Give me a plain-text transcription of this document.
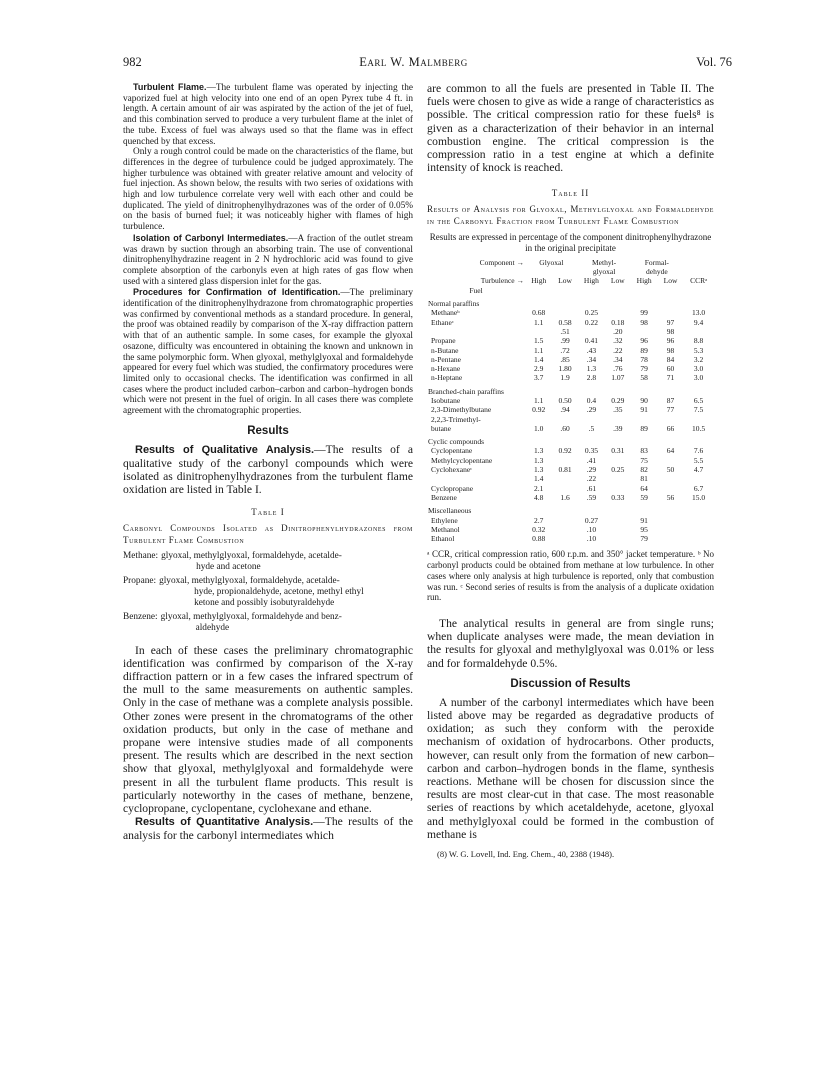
982	Earl W. Malmberg	Vol. 76

Turbulent Flame.—The turbulent flame was operated by injecting the vaporized fuel at high velocity into one end of an open Pyrex tube 4 ft. in length. A certain amount of air was aspirated by the action of the jet of fuel, and this combination served to produce a very turbulent flame at the inlet of the tube. Excess of fuel was always used so that the flame was in effect quenched by that excess.

Only a rough control could be made on the characteristics of the flame, but differences in the degree of turbulence could be judged approximately. The higher turbulence was obtained with greater relative amount and velocity of fuel injection. As shown below, the results with two series of oxidations with high and low turbulence correlate very well with each other and could be duplicated. The yield of dinitrophenylhydrazones was of the order of 0.05% on the basis of burned fuel; it was noticeably higher with flames of high turbulence.

Isolation of Carbonyl Intermediates.—A fraction of the outlet stream was drawn by suction through an absorbing train. The use of conventional dinitrophenylhydrazine reagent in 2 N hydrochloric acid was found to give complete absorption of the carbonyls even at high rates of gas flow when used with a sintered glass dispersion inlet for the gas.

Procedures for Confirmation of Identification.—The preliminary identification of the dinitrophenylhydrazone from chromatographic properties was confirmed by conventional methods as a standard procedure. In general, the proof was obtained readily by comparison of the X-ray diffraction pattern with that of an authentic sample. In some cases, for example the glyoxal osazone, difficulty was encountered in obtaining the known and unknown in the same polymorphic form. When glyoxal, methylglyoxal and formaldehyde appeared for every fuel which was studied, the confirmatory procedures were limited only to occasional checks. The identification was confirmed in all cases where the product included carbon–carbon and carbon–hydrogen bonds which were not present in the fuel of origin. In all cases there was complete agreement with the chromatographic properties.

Results

Results of Qualitative Analysis.—The results of a qualitative study of the carbonyl compounds which were isolated as dinitrophenylhydrazones from the turbulent flame oxidation are listed in Table I.

Table I
Carbonyl Compounds Isolated as Dinitrophenylhydrazones from Turbulent Flame Combustion
Methane: glyoxal, methylglyoxal, formaldehyde, acetalde-
hyde and acetone
Propane: glyoxal, methylglyoxal, formaldehyde, acetalde-
hyde, propionaldehyde, acetone, methyl ethyl
ketone and possibly isobutyraldehyde
Benzene: glyoxal, methylglyoxal, formaldehyde and benz-
aldehyde

In each of these cases the preliminary chromatographic identification was confirmed by comparison of the X-ray diffraction pattern or in a few cases the infrared spectrum of the mull to the same measurements on authentic samples. Only in the case of methane was a complete analysis possible. Other zones were present in the chromatograms of the other oxidation products, but only in the case of methane and propane were intensive studies made of all components present. The results which are described in the next section show that glyoxal, methylglyoxal and formaldehyde were present in all the turbulent flame products. This result is particularly noteworthy in the cases of methane, benzene, cyclopropane, cyclopentane, cyclohexane and ethane.

Results of Quantitative Analysis.—The results of the analysis for the carbonyl intermediates which

are common to all the fuels are presented in Table II. The fuels were chosen to give as wide a range of characteristics as possible. The critical compression ratio for these fuels⁸ is given as a characterization of their behavior in an internal combustion engine. The critical compression is the compression ratio in a test engine at which a definite intensity of knock is reached.

Table II
Results of Analysis for Glyoxal, Methylglyoxal and Formaldehyde in the Carbonyl Fraction from Turbulent Flame Combustion
Results are expressed in percentage of the component dinitrophenylhydrazone in the original precipitate
Component →	Glyoxal		Methyl-		Formal-		
			glyoxal		dehyde		
Turbulence →	High	Low	High	Low	High	Low	CCRᵃ
Fuel							
Normal paraffins							
Methaneᵇ	0.68		0.25		99		13.0
Ethaneᶜ	1.1	0.58	0.22	0.18	98	97	9.4
		.51		.20		98	
Propane	1.5	.99	0.41	.32	96	96	8.8
n-Butane	1.1	.72	.43	.22	89	98	5.3
n-Pentane	1.4	.85	.34	.34	78	84	3.2
n-Hexane	2.9	1.80	1.3	.76	79	60	3.0
n-Heptane	3.7	1.9	2.8	1.07	58	71	3.0
Branched-chain paraffins							
Isobutane	1.1	0.50	0.4	0.29	90	87	6.5
2,3-Dimethylbutane	0.92	.94	.29	.35	91	77	7.5
2,2,3-Trimethyl-							
butane	1.0	.60	.5	.39	89	66	10.5
Cyclic compounds							
Cyclopentane	1.3	0.92	0.35	0.31	83	64	7.6
Methylcyclopentane	1.3		.41		75		5.5
Cyclohexaneᶜ	1.3	0.81	.29	0.25	82	50	4.7
	1.4		.22		81		
Cyclopropane	2.1		.61		64		6.7
Benzene	4.8	1.6	.59	0.33	59	56	15.0
Miscellaneous							
Ethylene	2.7		0.27		91		
Methanol	0.32		.10		95		
Ethanol	0.88		.10		79		
ᵃ CCR, critical compression ratio, 600 r.p.m. and 350° jacket temperature. ᵇ No carbonyl products could be obtained from methane at low turbulence. In other cases where only analysis at high turbulence is reported, only that combustion was run. ᶜ Second series of results is from the analysis of a duplicate oxidation run.

The analytical results in general are from single runs; when duplicate analyses were made, the mean deviation in the results for glyoxal and methylglyoxal was 0.01% or less and for formaldehyde 0.5%.

Discussion of Results

A number of the carbonyl intermediates which have been listed above may be regarded as degradative products of oxidation; as such they conform with the peroxide mechanism of oxidation of hydrocarbons. Other products, however, can result only from the formation of new carbon–carbon and carbon–hydrogen bonds in the flame, synthesis reactions. Methane will be chosen for discussion since the results are most clear-cut in that case. The most reasonable series of reactions by which acetaldehyde, acetone, glyoxal and methylglyoxal could be formed in the combustion of methane is

(8) W. G. Lovell, Ind. Eng. Chem., 40, 2388 (1948).
